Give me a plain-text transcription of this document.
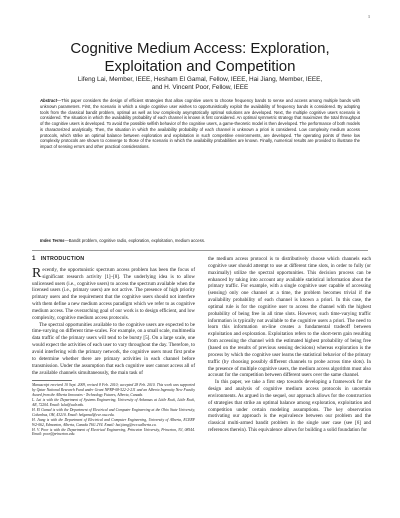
1
Cognitive Medium Access: Exploration,
Exploitation and Competition
Lifeng Lai, Member, IEEE, Hesham El Gamal, Fellow, IEEE, Hai Jiang, Member, IEEE,
and H. Vincent Poor, Fellow, IEEE
Abstract—This paper considers the design of efficient strategies that allow cognitive users to choose frequency bands to sense and access among multiple bands with unknown parameters. First, the scenario in which a single cognitive user wishes to opportunistically exploit the availability of frequency bands is considered. By adopting tools from the classical bandit problem, optimal as well as low complexity asymptotically optimal solutions are developed. Next, the multiple cognitive users scenario is considered. The situation in which the availability probability of each channel is known is first considered. An optimal symmetric strategy that maximizes the total throughput of the cognitive users is developed. To avoid the possible selfish behavior of the cognitive users, a game-theoretic model is then developed. The performance of both models is characterized analytically. Then, the situation in which the availability probability of each channel is unknown a priori is considered. Low complexity medium access protocols, which strike an optimal balance between exploration and exploitation in such competitive environments, are developed. The operating points of these low complexity protocols are shown to converge to those of the scenario in which the availability probabilities are known. Finally, numerical results are provided to illustrate the impact of sensing errors and other practical considerations.
Index Terms—Bandit problem, cognitive radio, exploration, exploitation, medium access.
1 INTRODUCTION

Recently, the opportunistic spectrum access problem has been the focus of significant research activity [1]–[8]. The underlying idea is to allow unlicensed users (i.e., cognitive users) to access the spectrum available when the licensed users (i.e., primary users) are not active. The presence of high priority primary users and the requirement that the cognitive users should not interfere with them define a new medium access paradigm which we refer to as cognitive medium access. The overarching goal of our work is to design efficient, and low complexity, cognitive medium access protocols.

The spectral opportunities available to the cognitive users are expected to be time-varying on different time-scales. For example, on a small scale, multimedia data traffic of the primary users will tend to be bursty [5]. On a large scale, one would expect the activities of each user to vary throughout the day. Therefore, to avoid interfering with the primary network, the cognitive users must first probe to determine whether there are primary activities in each channel before transmission. Under the assumption that each cognitive user cannot access all of the available channels simultaneously, the main task of

Manuscript received 10 Sept. 2009, revised 8 Feb. 2010; accepted 28 Feb. 2010. This work was supported by Qatar National Research Fund under Grant NPRP-08-522-2-211 and an Alberta Ingenuity New Faculty Award from the Alberta Innovates - Technology Futures, Alberta, Canada.

L. Lai is with the Department of Systems Engineering, University of Arkansas at Little Rock, Little Rock, AR, 72204. Email: lxlai@ualr.edu.

H. El Gamal is with the Department of Electrical and Computer Engineering at the Ohio State University, Columbus, OH, 43210. Email: helgamal@ece.osu.edu.

H. Jiang is with the Department of Electrical and Computer Engineering, University of Alberta, ECERF W2-062, Edmonton, Alberta, Canada T6G 2V4. Email: hai.jiang@ece.ualberta.ca.

H. V. Poor is with the Department of Electrical Engineering, Princeton University, Princeton, NJ, 08544. Email: poor@princeton.edu.

the medium access protocol is to distributively choose which channels each cognitive user should attempt to use at different time slots, in order to fully (or maximally) utilize the spectral opportunities. This decision process can be enhanced by taking into account any available statistical information about the primary traffic. For example, with a single cognitive user capable of accessing (sensing) only one channel at a time, the problem becomes trivial if the availability probability of each channel is known a priori. In this case, the optimal rule is for the cognitive user to access the channel with the highest probability of being free in all time slots. However, such time-varying traffic information is typically not available to the cognitive users a priori. The need to learn this information on-line creates a fundamental tradeoff between exploitation and exploration. Exploitation refers to the short-term gain resulting from accessing the channel with the estimated highest probability of being free (based on the results of previous sensing decisions) whereas exploration is the process by which the cognitive user learns the statistical behavior of the primary traffic (by choosing possibly different channels to probe across time slots). In the presence of multiple cognitive users, the medium access algorithm must also account for the competition between different users over the same channel.

In this paper, we take a first step towards developing a framework for the design and analysis of cognitive medium access protocols in uncertain environments. As argued in the sequel, our approach allows for the construction of strategies that strike an optimal balance among exploration, exploitation and competition under certain modeling assumptions. The key observation motivating our approach is the equivalence between our problem and the classical multi-armed bandit problem in the single user case (see [6] and references therein). This equivalence allows for building a solid foundation for
